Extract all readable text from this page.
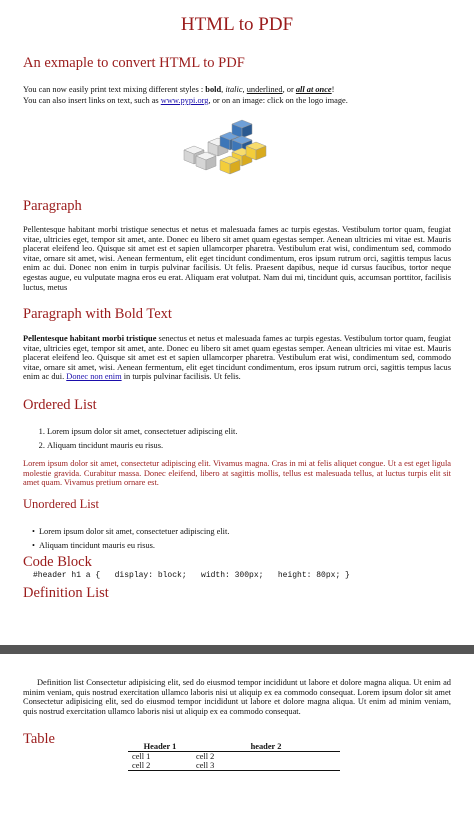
HTML to PDF
An exmaple to convert HTML to PDF
You can now easily print text mixing different styles : bold, italic, underlined, or all at once!
You can also insert links on text, such as www.pypi.org, or on an image: click on the logo image.
Paragraph
Pellentesque habitant morbi tristique senectus et netus et malesuada fames ac turpis egestas. Vestibulum tortor quam, feugiat vitae, ultricies eget, tempor sit amet, ante. Donec eu libero sit amet quam egestas semper. Aenean ultricies mi vitae est. Mauris placerat eleifend leo. Quisque sit amet est et sapien ullamcorper pharetra. Vestibulum erat wisi, condimentum sed, commodo vitae, ornare sit amet, wisi. Aenean fermentum, elit eget tincidunt condimentum, eros ipsum rutrum orci, sagittis tempus lacus enim ac dui. Donec non enim in turpis pulvinar facilisis. Ut felis. Praesent dapibus, neque id cursus faucibus, tortor neque egestas augue, eu vulputate magna eros eu erat. Aliquam erat volutpat. Nam dui mi, tincidunt quis, accumsan porttitor, facilisis luctus, metus
Paragraph with Bold Text
Pellentesque habitant morbi tristique senectus et netus et malesuada fames ac turpis egestas. Vestibulum tortor quam, feugiat vitae, ultricies eget, tempor sit amet, ante. Donec eu libero sit amet quam egestas semper. Aenean ultricies mi vitae est. Mauris placerat eleifend leo. Quisque sit amet est et sapien ullamcorper pharetra. Vestibulum erat wisi, condimentum sed, commodo vitae, ornare sit amet, wisi. Aenean fermentum, elit eget tincidunt condimentum, eros ipsum rutrum orci, sagittis tempus lacus enim ac dui. Donec non enim in turpis pulvinar facilisis. Ut felis.
Ordered List
1. Lorem ipsum dolor sit amet, consectetuer adipiscing elit.
2. Aliquam tincidunt mauris eu risus.
Lorem ipsum dolor sit amet, consectetur adipiscing elit. Vivamus magna. Cras in mi at felis aliquet congue. Ut a est eget ligula molestie gravida. Curabitur massa. Donec eleifend, libero at sagittis mollis, tellus est malesuada tellus, at luctus turpis elit sit amet quam. Vivamus pretium ornare est.
Unordered List
• Lorem ipsum dolor sit amet, consectetuer adipiscing elit.
• Aliquam tincidunt mauris eu risus.
Code Block
#header h1 a {   display: block;   width: 300px;   height: 80px; }
Definition List
Definition list Consectetur adipisicing elit, sed do eiusmod tempor incididunt ut labore et dolore magna aliqua. Ut enim ad minim veniam, quis nostrud exercitation ullamco laboris nisi ut aliquip ex ea commodo consequat. Lorem ipsum dolor sit amet Consectetur adipisicing elit, sed do eiusmod tempor incididunt ut labore et dolore magna aliqua. Ut enim ad minim veniam, quis nostrud exercitation ullamco laboris nisi ut aliquip ex ea commodo consequat.
Table	Header 1	header 2
cell 1	cell 2
cell 2	cell 3
